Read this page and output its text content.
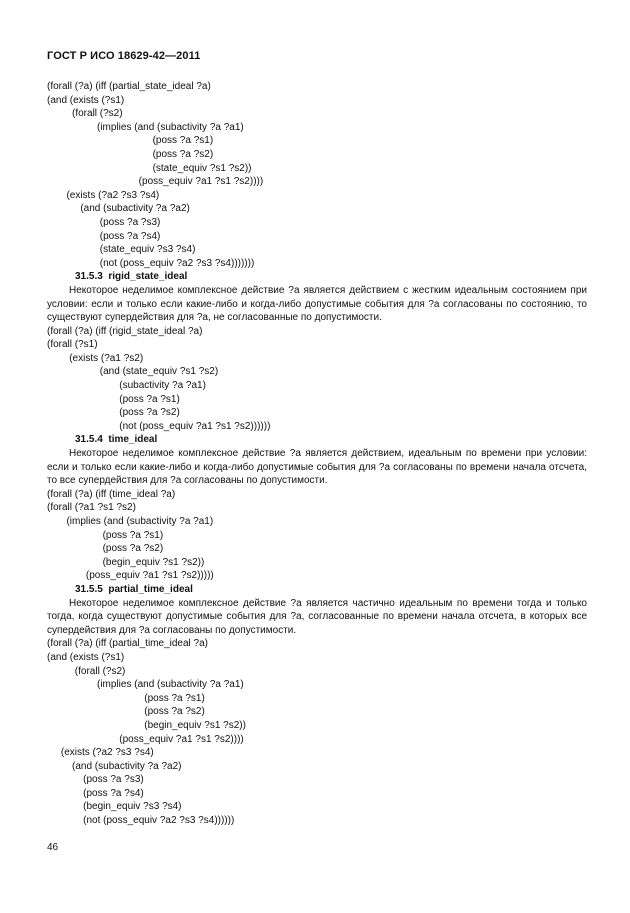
ГОСТ Р ИСО 18629-42—2011
(forall (?a) (iff (partial_state_ideal ?a)
(and (exists (?s1)
(forall (?s2)
(implies (and (subactivity ?a ?a1)
(poss ?a ?s1)
(poss ?a ?s2)
(state_equiv ?s1 ?s2))
(poss_equiv ?a1 ?s1 ?s2))))
(exists (?a2 ?s3 ?s4)
(and (subactivity ?a ?a2)
(poss ?a ?s3)
(poss ?a ?s4)
(state_equiv ?s3 ?s4)
(not (poss_equiv ?a2 ?s3 ?s4)))))))
31.5.3  rigid_state_ideal

Некоторое неделимое комплексное действие ?a является действием с жестким идеальным состоянием при условии: если и только если какие-либо и когда-либо допустимые события для ?a согласованы по состоянию, то существуют супердействия для ?a, не согласованные по допустимости.

(forall (?a) (iff (rigid_state_ideal ?a)
(forall (?s1)
(exists (?a1 ?s2)
(and (state_equiv ?s1 ?s2)
(subactivity ?a ?a1)
(poss ?a ?s1)
(poss ?a ?s2)
(not (poss_equiv ?a1 ?s1 ?s2))))))
31.5.4  time_ideal

Некоторое неделимое комплексное действие ?a является действием, идеальным по времени при условии: если и только если какие-либо и когда-либо допустимые события для ?a согласованы по времени начала отсчета, то все супердействия для ?a согласованы по допустимости.

(forall (?a) (iff (time_ideal ?a)
(forall (?a1 ?s1 ?s2)
(implies (and (subactivity ?a ?a1)
(poss ?a ?s1)
(poss ?a ?s2)
(begin_equiv ?s1 ?s2))
(poss_equiv ?a1 ?s1 ?s2)))))
31.5.5  partial_time_ideal

Некоторое неделимое комплексное действие ?a является частично идеальным по времени тогда и только тогда, когда существуют допустимые события для ?a, согласованные по времени начала отсчета, в которых все супердействия для ?a согласованы по допустимости.

(forall (?a) (iff (partial_time_ideal ?a)
(and (exists (?s1)
(forall (?s2)
(implies (and (subactivity ?a ?a1)
(poss ?a ?s1)
(poss ?a ?s2)
(begin_equiv ?s1 ?s2))
(poss_equiv ?a1 ?s1 ?s2))))
(exists (?a2 ?s3 ?s4)
(and (subactivity ?a ?a2)
(poss ?a ?s3)
(poss ?a ?s4)
(begin_equiv ?s3 ?s4)
(not (poss_equiv ?a2 ?s3 ?s4))))))
46
